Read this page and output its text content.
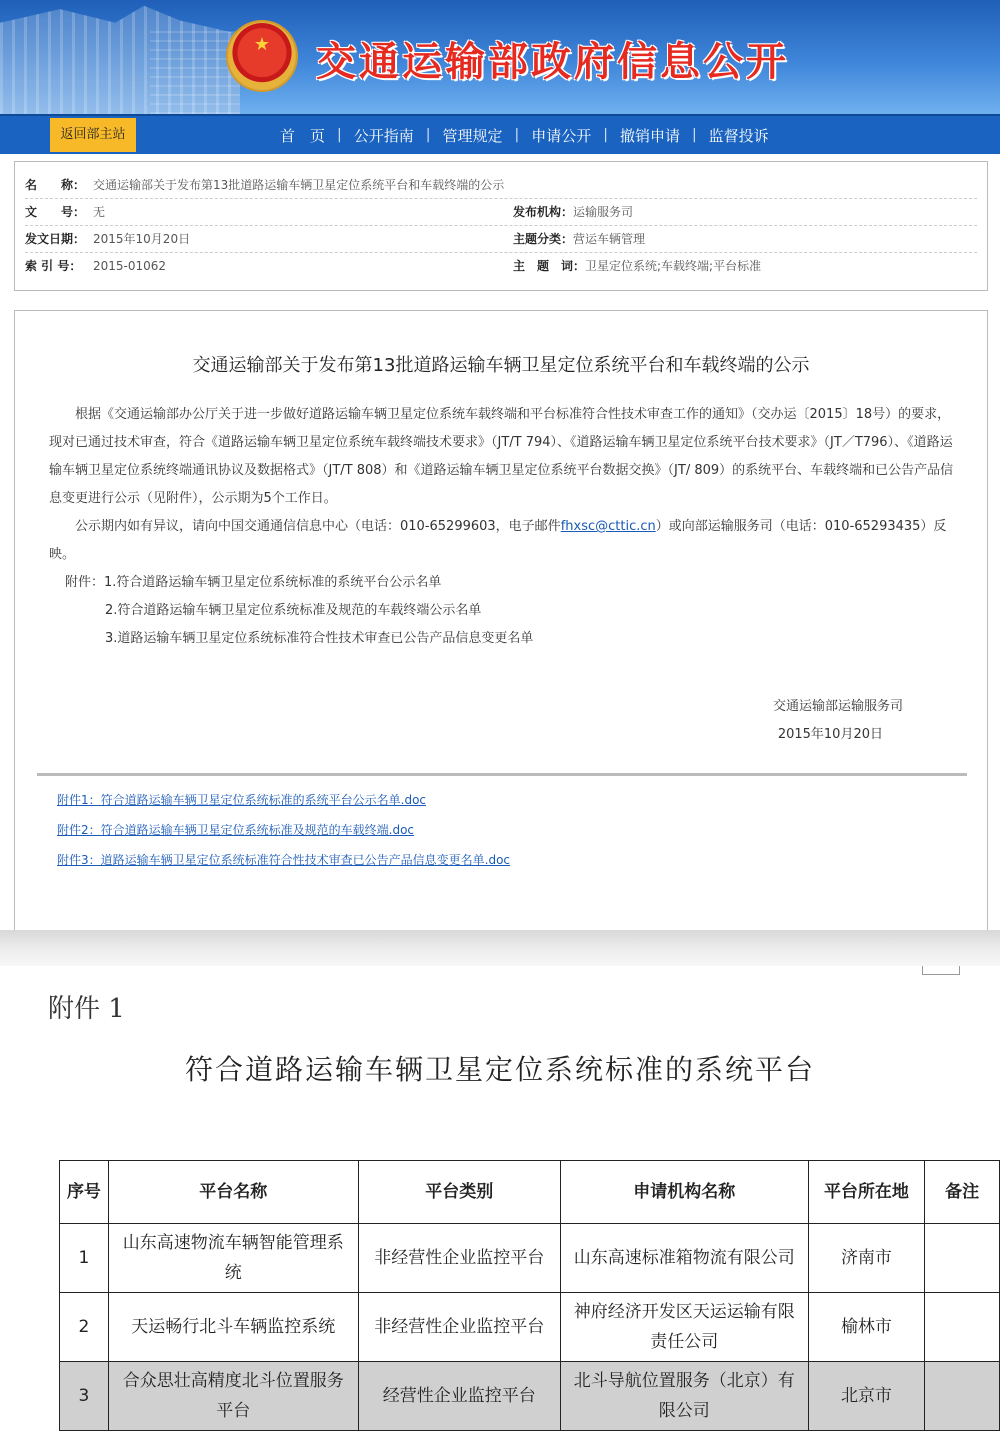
★ 交通运输部政府信息公开
返回部主站	首　页 | 公开指南 | 管理规定 | 申请公开 | 撤销申请 | 监督投诉
名　　称： 交通运输部关于发布第13批道路运输车辆卫星定位系统平台和车载终端的公示
文　　号： 无	发布机构：运输服务司
发文日期： 2015年10月20日	主题分类：营运车辆管理
索 引 号： 2015-01062	主　题　词：卫星定位系统;车载终端;平台标准
交通运输部关于发布第13批道路运输车辆卫星定位系统平台和车载终端的公示
根据《交通运输部办公厅关于进一步做好道路运输车辆卫星定位系统车载终端和平台标准符合性技术审查工作的通知》（交办运〔2015〕18号）的要求，现对已通过技术审查，符合《道路运输车辆卫星定位系统车载终端技术要求》（JT/T 794）、《道路运输车辆卫星定位系统平台技术要求》（JT／T796）、《道路运输车辆卫星定位系统终端通讯协议及数据格式》（JT/T 808）和《道路运输车辆卫星定位系统平台数据交换》（JT/ 809）的系统平台、车载终端和已公告产品信息变更进行公示（见附件），公示期为5个工作日。
公示期内如有异议，请向中国交通通信信息中心（电话：010-65299603，电子邮件fhxsc@cttic.cn）或向部运输服务司（电话：010-65293435）反映。
附件：1.符合道路运输车辆卫星定位系统标准的系统平台公示名单
2.符合道路运输车辆卫星定位系统标准及规范的车载终端公示名单
3.道路运输车辆卫星定位系统标准符合性技术审查已公告产品信息变更名单
交通运输部运输服务司
2015年10月20日
附件1：符合道路运输车辆卫星定位系统标准的系统平台公示名单.doc
附件2：符合道路运输车辆卫星定位系统标准及规范的车载终端.doc
附件3：道路运输车辆卫星定位系统标准符合性技术审查已公告产品信息变更名单.doc
附件 1
符合道路运输车辆卫星定位系统标准的系统平台
序号	平台名称	平台类别	申请机构名称	平台所在地	备注
1	山东高速物流车辆智能管理系统	非经营性企业监控平台	山东高速标准箱物流有限公司	济南市	
2	天运畅行北斗车辆监控系统	非经营性企业监控平台	神府经济开发区天运运输有限责任公司	榆林市	
3	合众思壮高精度北斗位置服务平台	经营性企业监控平台	北斗导航位置服务（北京）有限公司	北京市	
